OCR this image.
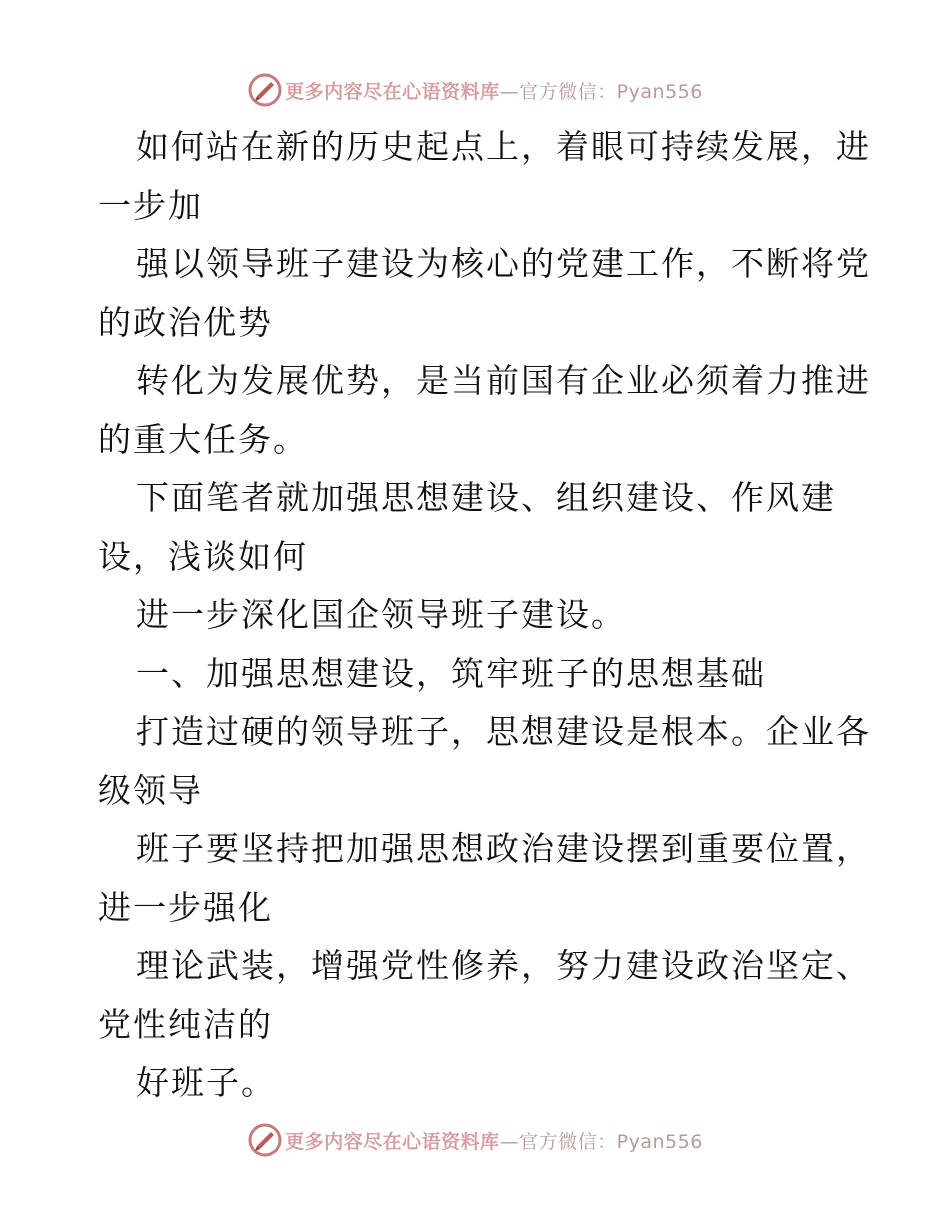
更多内容尽在心语资料库 —官方微信：Pyan556
如何站在新的历史起点上，着眼可持续发展，进
一步加
强以领导班子建设为核心的党建工作，不断将党
的政治优势
转化为发展优势，是当前国有企业必须着力推进
的重大任务。
下面笔者就加强思想建设、组织建设、作风建
设，浅谈如何
进一步深化国企领导班子建设。
一、加强思想建设，筑牢班子的思想基础
打造过硬的领导班子，思想建设是根本。企业各
级领导
班子要坚持把加强思想政治建设摆到重要位置，
进一步强化
理论武装，增强党性修养，努力建设政治坚定、
党性纯洁的
好班子。
更多内容尽在心语资料库 —官方微信：Pyan556
